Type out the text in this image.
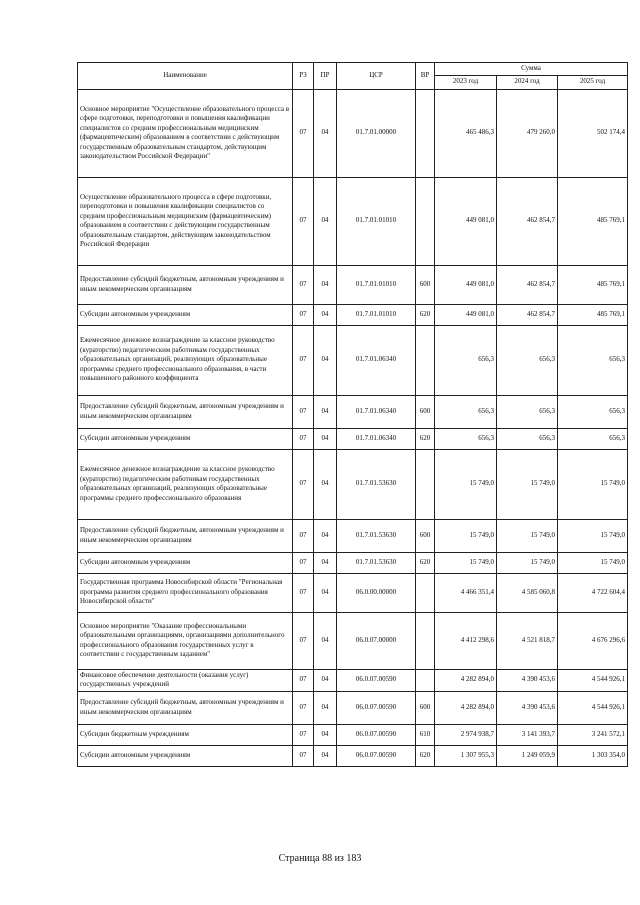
Наименование	РЗ	ПР	ЦСР	ВР	Сумма		
					2023 год	2024 год	2025 год
Основное мероприятие "Осуществление образовательного процесса в сфере подготовки, переподготовки и повышения квалификации специалистов со средним профессиональным медицинским (фармацевтическим) образованием в соответствии с действующим государственным образовательным стандартом, действующим законодательством Российской Федерации"	07	04	01.7.01.00000		465 486,3	479 260,0	502 174,4
Осуществление образовательного процесса в сфере подготовки, переподготовки и повышения квалификации специалистов со средним профессиональным медицинским (фармацевтическим) образованием в соответствии с действующим государственным образовательным стандартом, действующим законодательством Российской Федерации	07	04	01.7.01.01010		449 081,0	462 854,7	485 769,1
Предоставление субсидий бюджетным, автономным учреждениям и иным некоммерческим организациям	07	04	01.7.01.01010	600	449 081,0	462 854,7	485 769,1
Субсидии автономным учреждениям	07	04	01.7.01.01010	620	449 081,0	462 854,7	485 769,1
Ежемесячное денежное вознаграждение за классное руководство (кураторство) педагогическим работникам государственных образовательных организаций, реализующих образовательные программы среднего профессионального образования, в части повышенного районного коэффициента	07	04	01.7.01.06340		656,3	656,3	656,3
Предоставление субсидий бюджетным, автономным учреждениям и иным некоммерческим организациям	07	04	01.7.01.06340	600	656,3	656,3	656,3
Субсидии автономным учреждениям	07	04	01.7.01.06340	620	656,3	656,3	656,3
Ежемесячное денежное вознаграждение за классное руководство (кураторство) педагогическим работникам государственных образовательных организаций, реализующих образовательные программы среднего профессионального образования	07	04	01.7.01.53630		15 749,0	15 749,0	15 749,0
Предоставление субсидий бюджетным, автономным учреждениям и иным некоммерческим организациям	07	04	01.7.01.53630	600	15 749,0	15 749,0	15 749,0
Субсидии автономным учреждениям	07	04	01.7.01.53630	620	15 749,0	15 749,0	15 749,0
Государственная программа Новосибирской области "Региональная программа развития среднего профессионального образования Новосибирской области"	07	04	06.0.00.00000		4 466 351,4	4 585 060,8	4 722 604,4
Основное мероприятие "Оказание профессиональными образовательными организациями, организациями дополнительного профессионального образования государственных услуг в соответствии с государственным заданием"	07	04	06.0.07.00000		4 412 298,6	4 521 818,7	4 676 296,6
Финансовое обеспечение деятельности (оказания услуг) государственных учреждений	07	04	06.0.07.00590		4 282 894,0	4 390 453,6	4 544 926,1
Предоставление субсидий бюджетным, автономным учреждениям и иным некоммерческим организациям	07	04	06.0.07.00590	600	4 282 894,0	4 390 453,6	4 544 926,1
Субсидии бюджетным учреждениям	07	04	06.0.07.00590	610	2 974 938,7	3 141 393,7	3 241 572,1
Субсидии автономным учреждениям	07	04	06.0.07.00590	620	1 307 955,3	1 249 059,9	1 303 354,0
Страница 88 из 183
